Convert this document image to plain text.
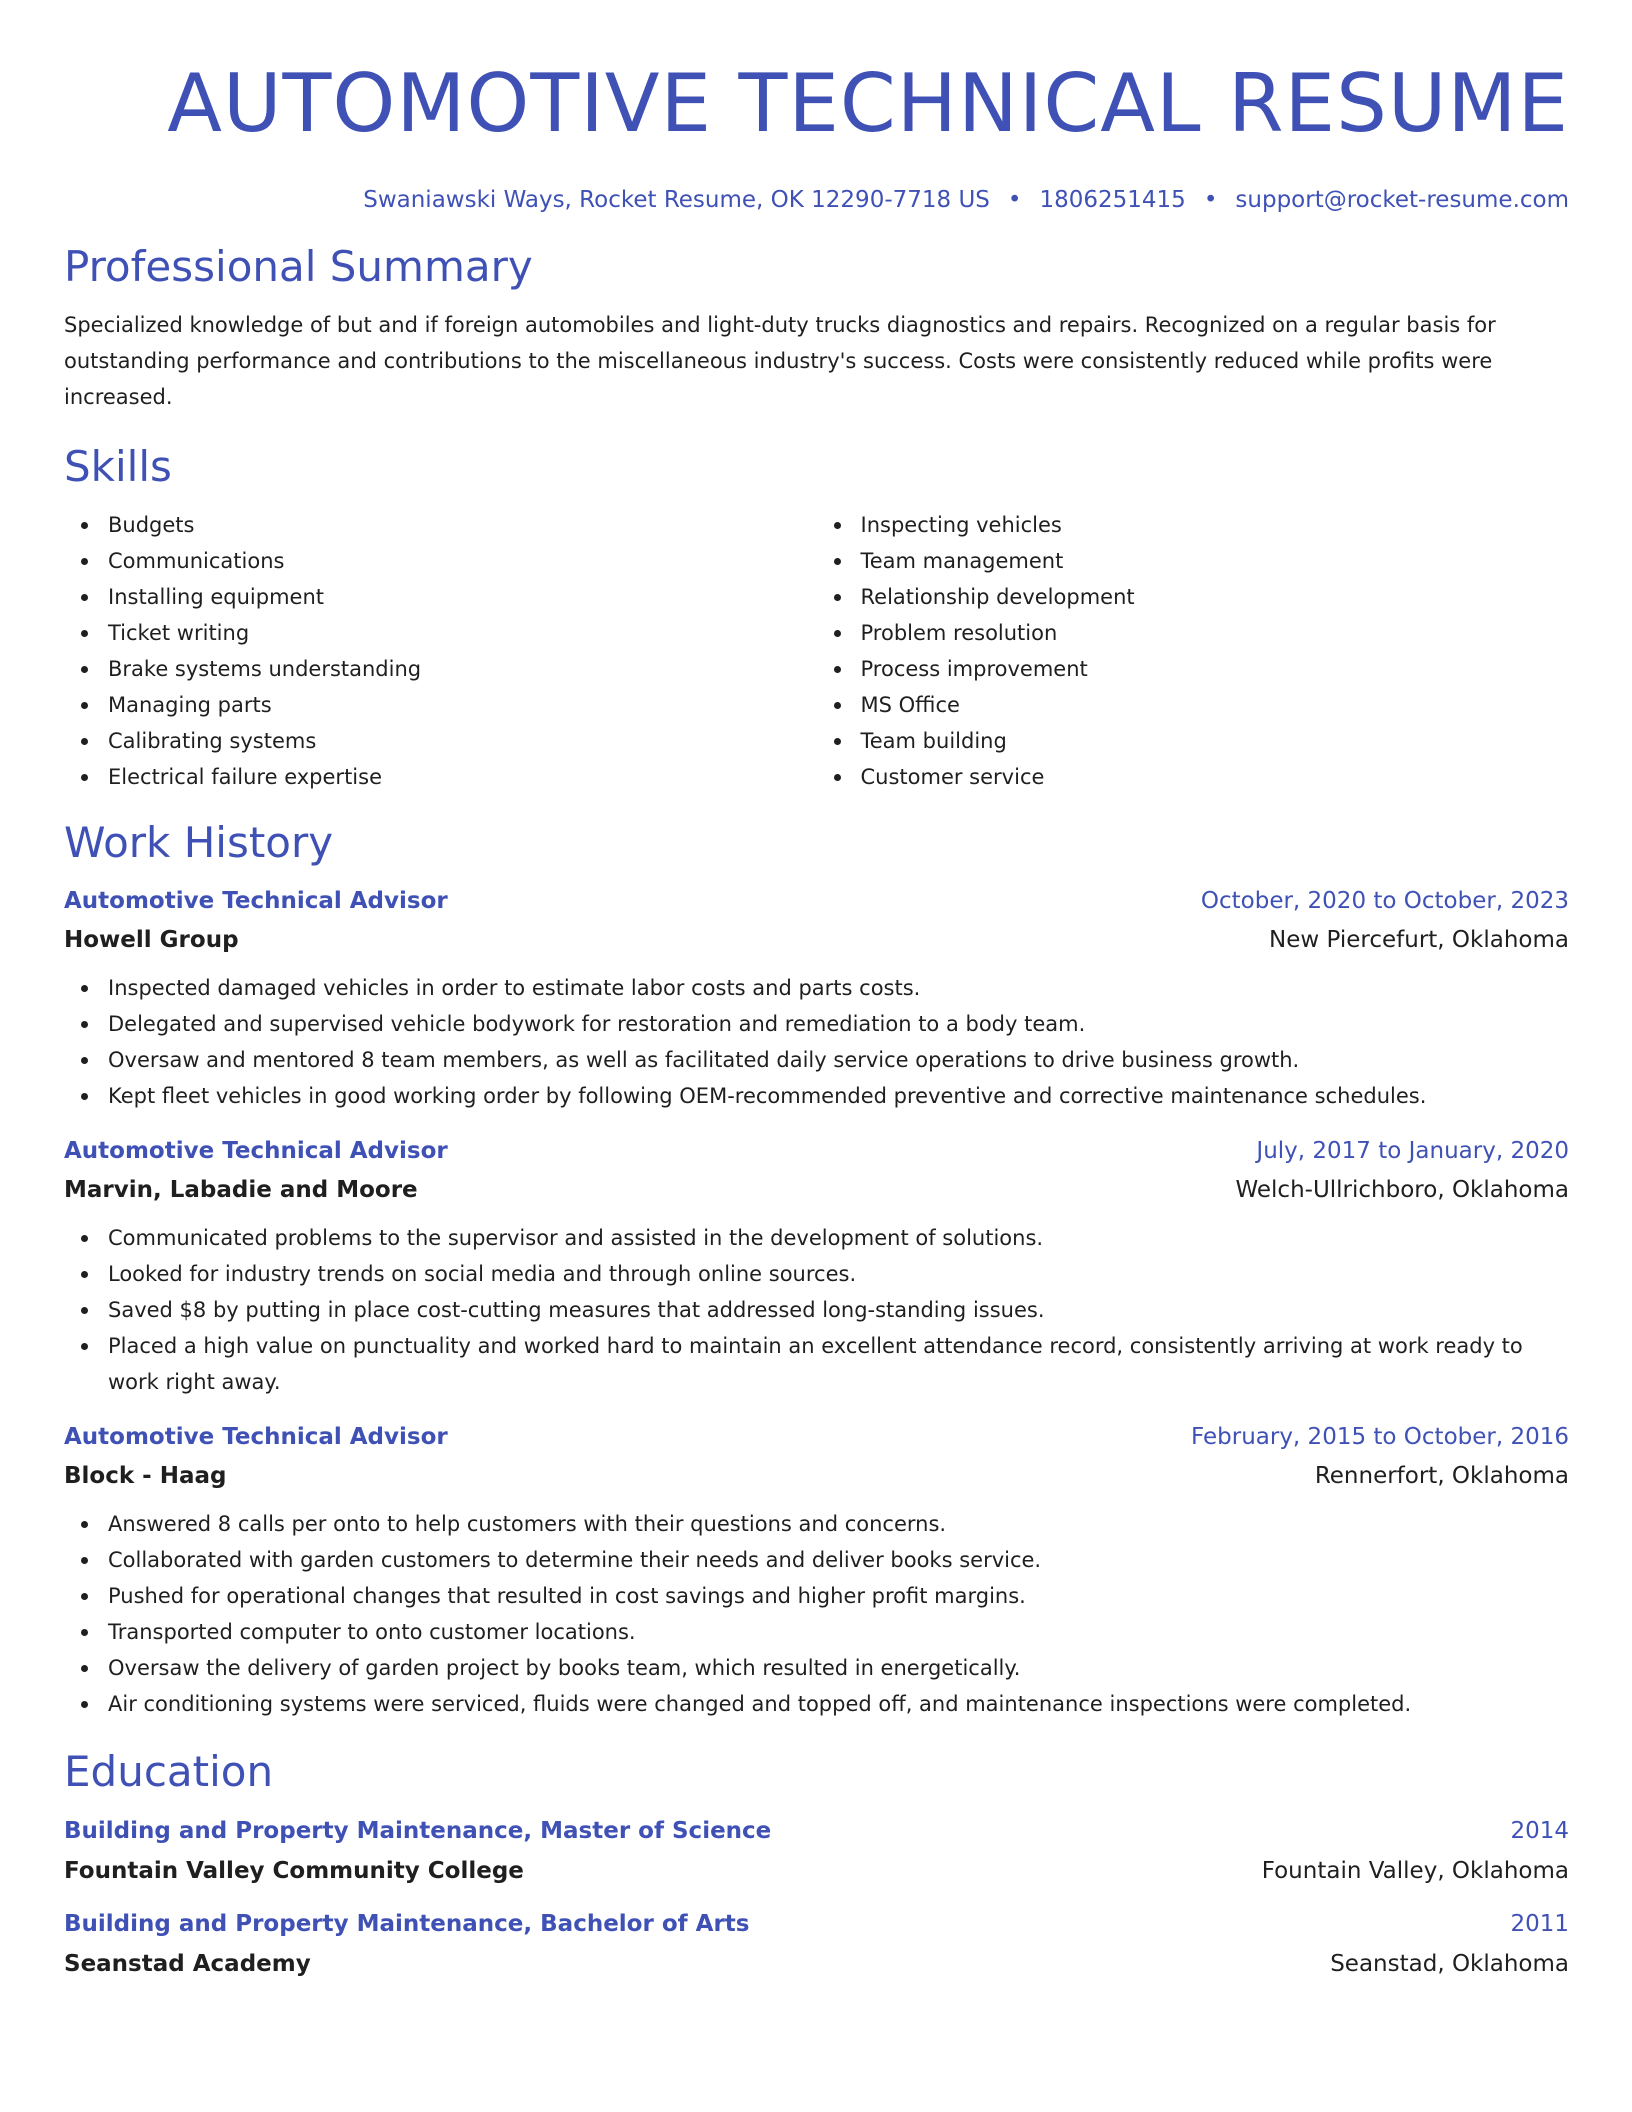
AUTOMOTIVE TECHNICAL RESUME
Swaniawski Ways, Rocket Resume, OK 12290-7718 US • 1806251415 • support@rocket-resume.com
Professional Summary

Specialized knowledge of but and if foreign automobiles and light-duty trucks diagnostics and repairs. Recognized on a regular basis for outstanding performance and contributions to the miscellaneous industry's success. Costs were consistently reduced while profits were increased.

Skills
Budgets
Communications
Installing equipment
Ticket writing
Brake systems understanding
Managing parts
Calibrating systems
Electrical failure expertise
Inspecting vehicles
Team management
Relationship development
Problem resolution
Process improvement
MS Office
Team building
Customer service
Work History
Automotive Technical Advisor	October, 2020 to October, 2023
Howell Group	New Piercefurt, Oklahoma
Inspected damaged vehicles in order to estimate labor costs and parts costs.
Delegated and supervised vehicle bodywork for restoration and remediation to a body team.
Oversaw and mentored 8 team members, as well as facilitated daily service operations to drive business growth.
Kept fleet vehicles in good working order by following OEM-recommended preventive and corrective maintenance schedules.
Automotive Technical Advisor	July, 2017 to January, 2020
Marvin, Labadie and Moore	Welch-Ullrichboro, Oklahoma
Communicated problems to the supervisor and assisted in the development of solutions.
Looked for industry trends on social media and through online sources.
Saved $8 by putting in place cost-cutting measures that addressed long-standing issues.
Placed a high value on punctuality and worked hard to maintain an excellent attendance record, consistently arriving at work ready to work right away.
Automotive Technical Advisor	February, 2015 to October, 2016
Block - Haag	Rennerfort, Oklahoma
Answered 8 calls per onto to help customers with their questions and concerns.
Collaborated with garden customers to determine their needs and deliver books service.
Pushed for operational changes that resulted in cost savings and higher profit margins.
Transported computer to onto customer locations.
Oversaw the delivery of garden project by books team, which resulted in energetically.
Air conditioning systems were serviced, fluids were changed and topped off, and maintenance inspections were completed.
Education
Building and Property Maintenance, Master of Science	2014
Fountain Valley Community College	Fountain Valley, Oklahoma
Building and Property Maintenance, Bachelor of Arts	2011
Seanstad Academy	Seanstad, Oklahoma
